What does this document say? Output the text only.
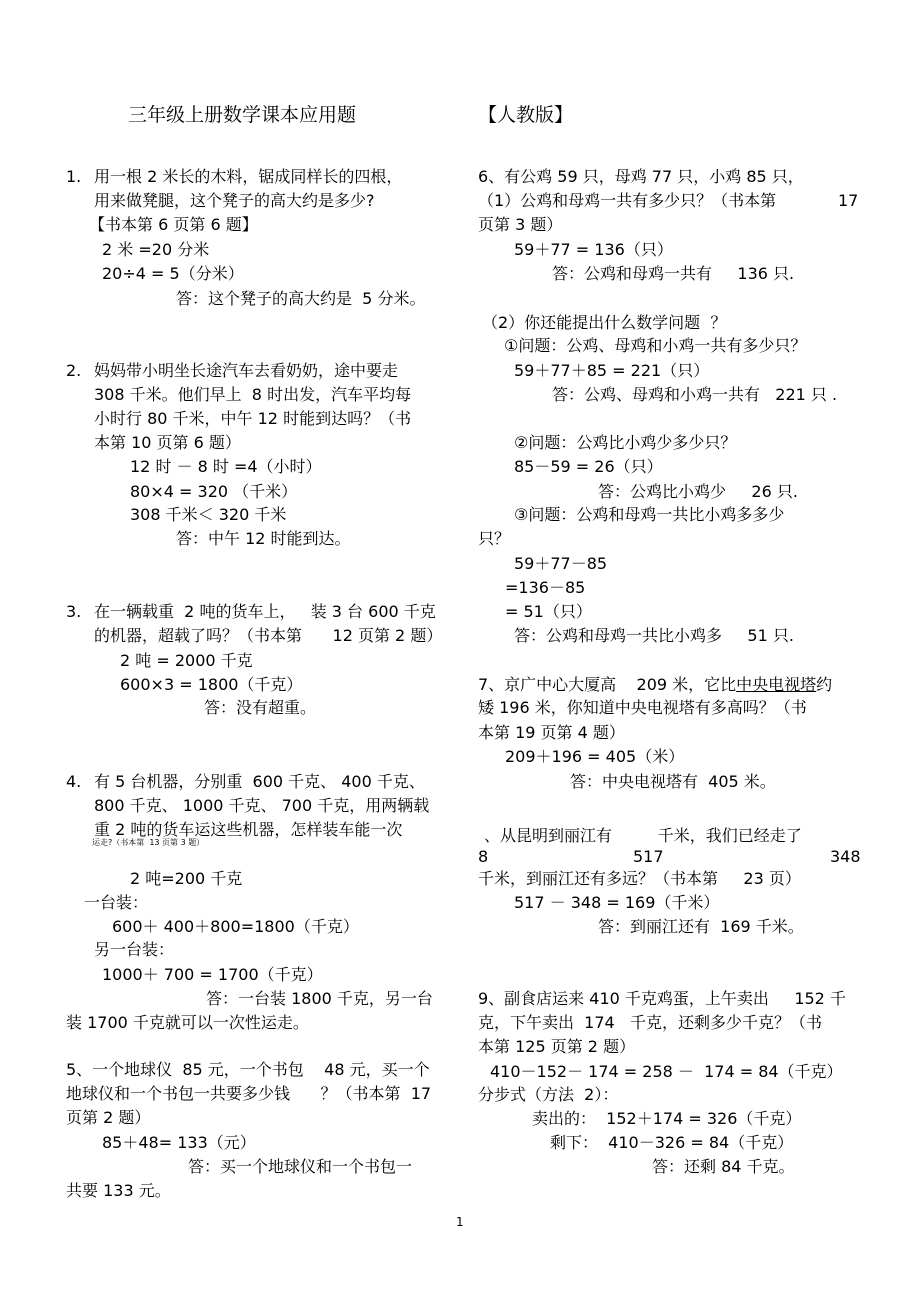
三年级上册数学课本应用题	【人教版】
1. 用一根 2 米长的木料，锯成同样长的四根，
用来做凳腿，这个凳子的高大约是多少?
【书本第 6 页第 6 题】
2 米 =20 分米
20÷4 = 5（分米）
答：这个凳子的高大约是  5 分米。
2. 妈妈带小明坐长途汽车去看奶奶，途中要走
308 千米。他们早上  8 时出发，汽车平均每
小时行 80 千米，中午 12 时能到达吗？（书
本第 10 页第 6 题）
12 时 － 8 时 =4（小时）
80×4 = 320 （千米）
308 千米＜ 320 千米
答：中午 12 时能到达。
3. 在一辆载重  2 吨的货车上，   装 3 台 600 千克
的机器，超载了吗？（书本第      12 页第 2 题）
2 吨 = 2000 千克
600×3 = 1800（千克）
答：没有超重。
4. 有 5 台机器，分别重  600 千克、 400 千克、
800 千克、 1000 千克、 700 千克，用两辆载
重 2 吨的货车运这些机器，怎样装车能一次
运走?（书本第  13 页第 3 题）
2 吨=200 千克
一台装：
600＋ 400＋800=1800（千克）
另一台装：
1000＋ 700 = 1700（千克）
答：一台装 1800 千克，另一台
装 1700 千克就可以一次性运走。
5、一个地球仪  85 元，一个书包    48 元，买一个
地球仪和一个书包一共要多少钱      ？（书本第  17
页第 2 题）
85＋48= 133（元）
答：买一个地球仪和一个书包一
共要 133 元。
6、有公鸡 59 只，母鸡 77 只，小鸡 85 只，
（1）公鸡和母鸡一共有多少只？（书本第	17
页第 3 题）
59＋77 = 136（只）
答：公鸡和母鸡一共有     136 只.
（2）你还能提出什么数学问题  ？
①问题：公鸡、母鸡和小鸡一共有多少只？
59＋77＋85 = 221（只）
答：公鸡、母鸡和小鸡一共有   221 只 .
②问题：公鸡比小鸡少多少只？
85－59 = 26（只）
答：公鸡比小鸡少     26 只.
③问题：公鸡和母鸡一共比小鸡多多少
只？
59＋77－85
=136－85
= 51（只）
答：公鸡和母鸡一共比小鸡多     51 只.
7、京广中心大厦高    209 米，它比中央电视塔约
矮 196 米，你知道中央电视塔有多高吗？（书
本第 19 页第 4 题）
209＋196 = 405（米）
答：中央电视塔有  405 米。
、从昆明到丽江有         千米，我们已经走了
8	517	348
千米，到丽江还有多远？（书本第     23 页）
517 － 348 = 169（千米）
答：到丽江还有  169 千米。
9、副食店运来 410 千克鸡蛋，上午卖出     152 千
克，下午卖出  174   千克，还剩多少千克？（书
本第 125 页第 2 题）
410－152－ 174 = 258 －  174 = 84（千克）
分步式（方法  2）：
卖出的：  152＋174 = 326（千克）
剩下：  410－326 = 84（千克）
答：还剩 84 千克。
1
